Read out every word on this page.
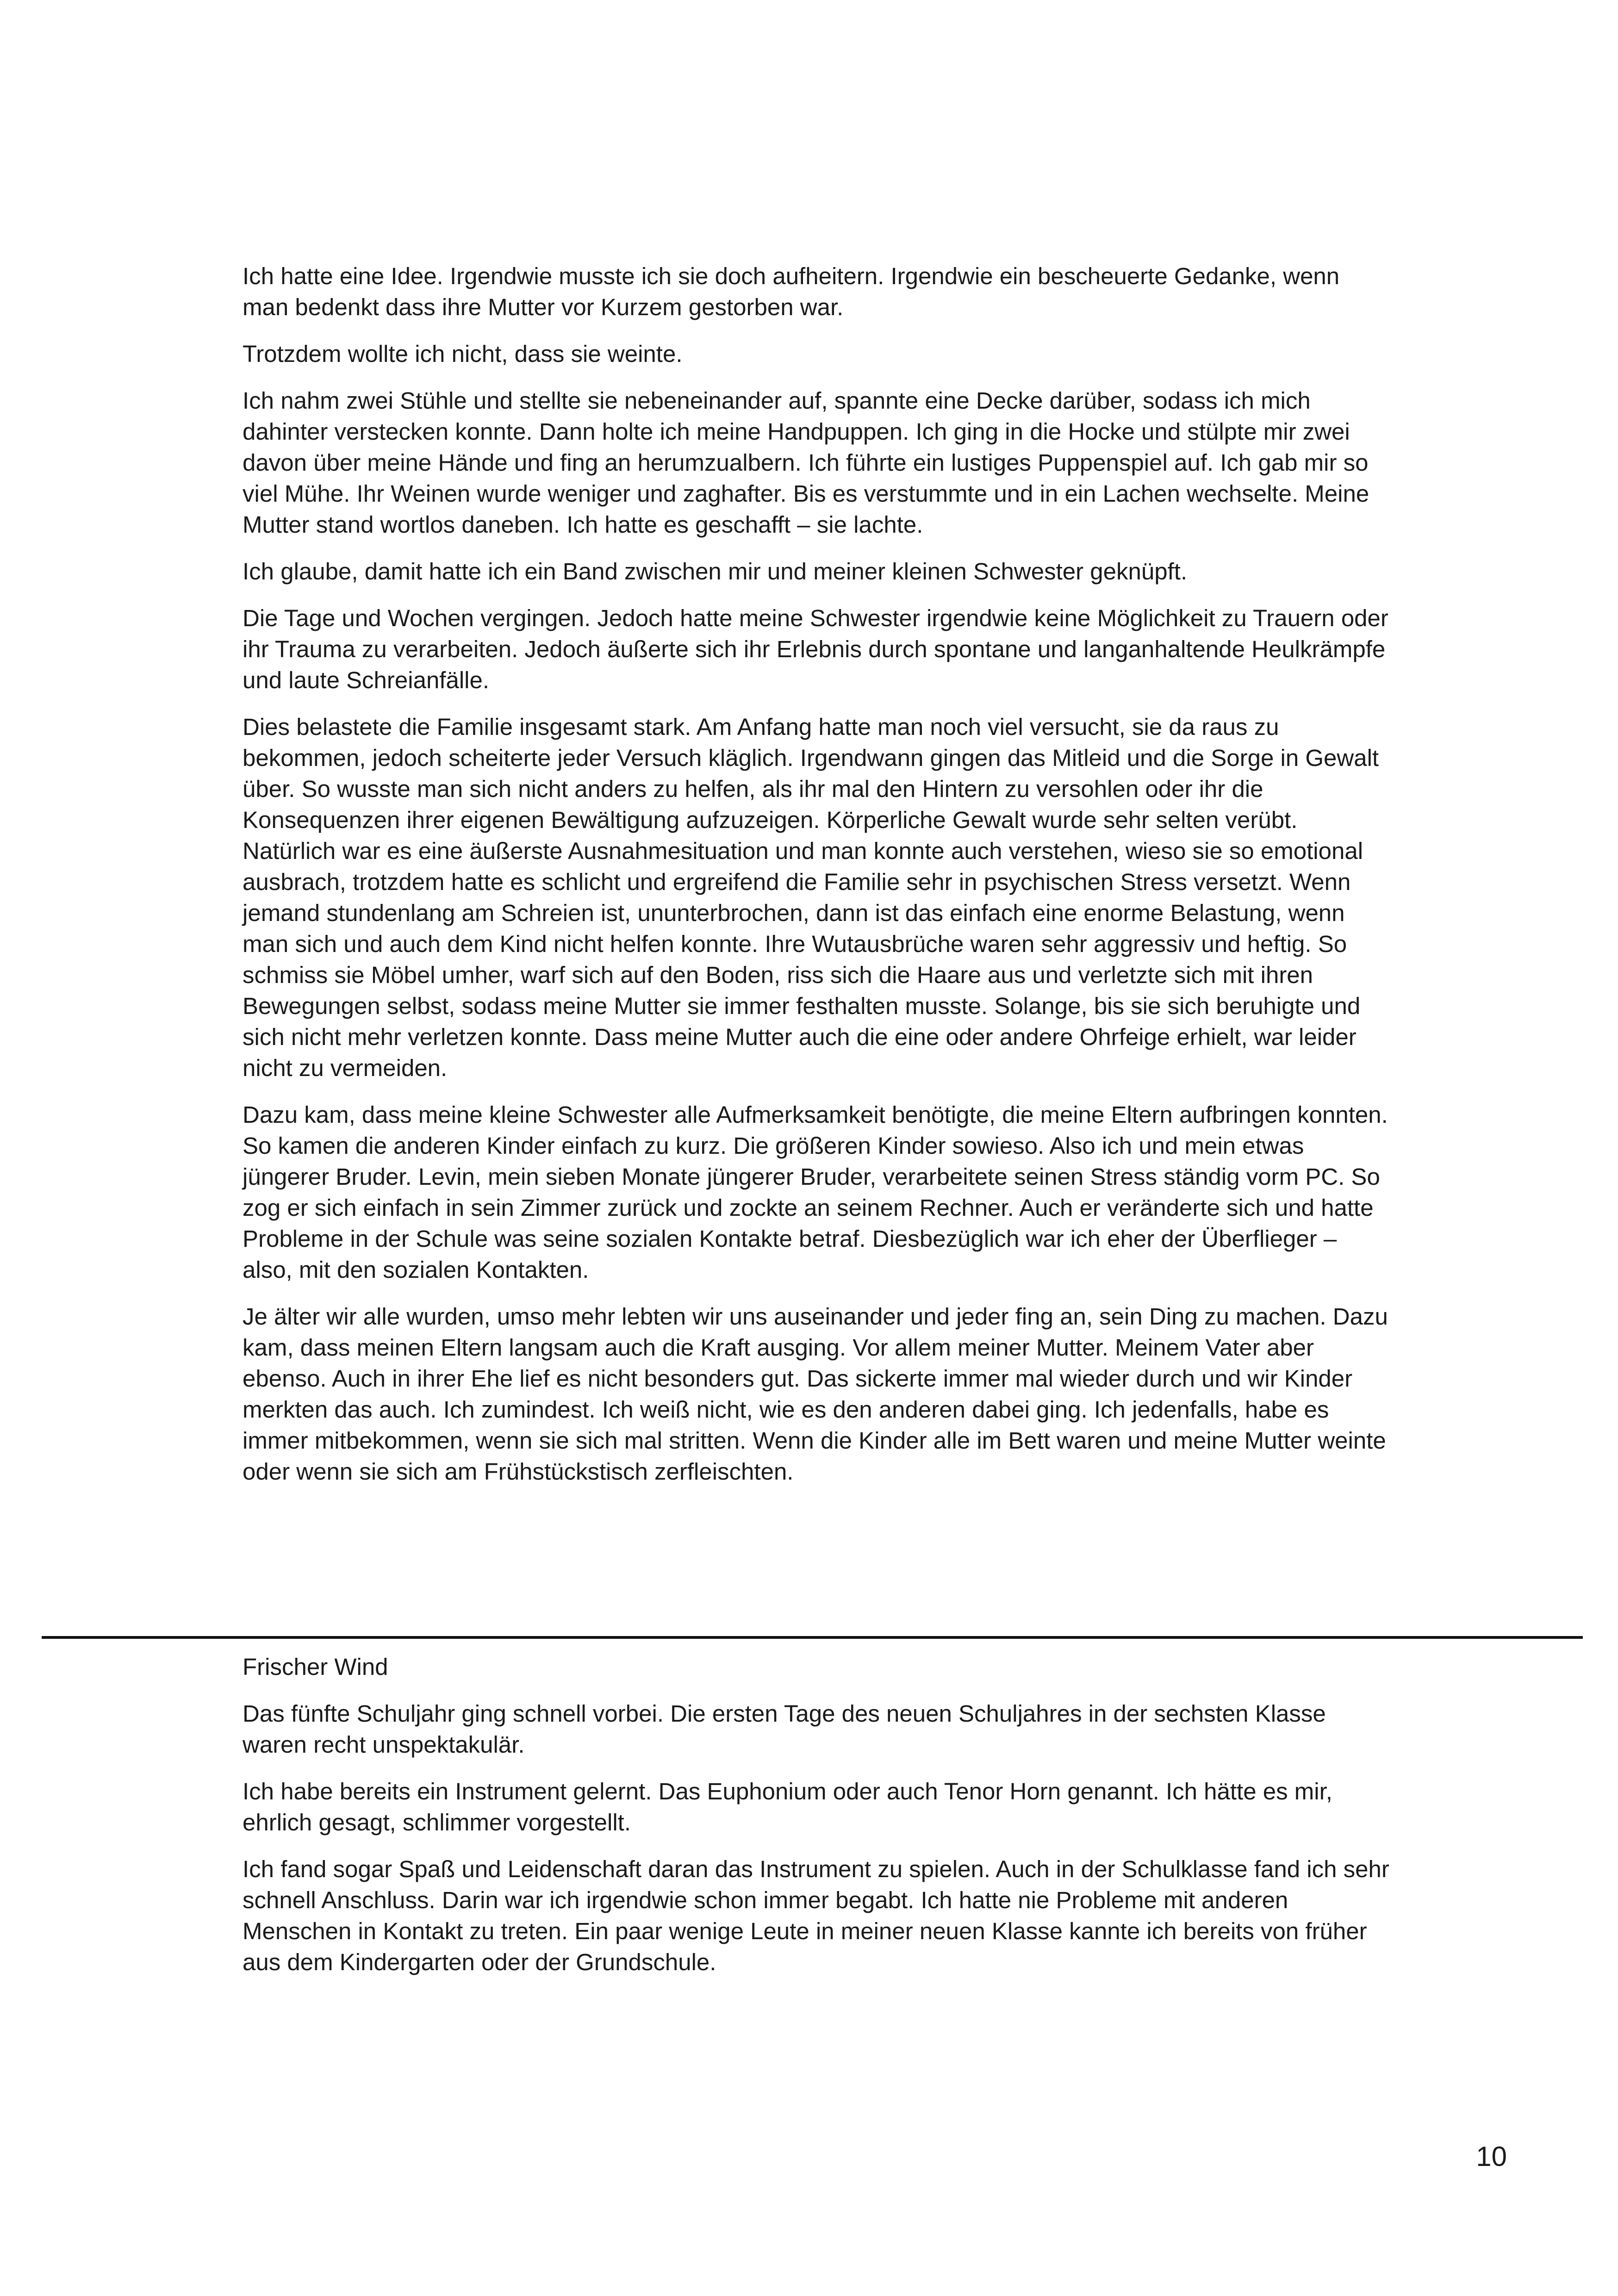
Ich hatte eine Idee. Irgendwie musste ich sie doch aufheitern. Irgendwie ein bescheuerte Gedanke, wenn man bedenkt dass ihre Mutter vor Kurzem gestorben war.

Trotzdem wollte ich nicht, dass sie weinte.

Ich nahm zwei Stühle und stellte sie nebeneinander auf, spannte eine Decke darüber, sodass ich mich dahinter verstecken konnte. Dann holte ich meine Handpuppen. Ich ging in die Hocke und stülpte mir zwei davon über meine Hände und fing an herumzualbern. Ich führte ein lustiges Puppenspiel auf. Ich gab mir so viel Mühe. Ihr Weinen wurde weniger und zaghafter. Bis es verstummte und in ein Lachen wechselte. Meine Mutter stand wortlos daneben. Ich hatte es geschafft – sie lachte.

Ich glaube, damit hatte ich ein Band zwischen mir und meiner kleinen Schwester geknüpft.

Die Tage und Wochen vergingen. Jedoch hatte meine Schwester irgendwie keine Möglichkeit zu Trauern oder ihr Trauma zu verarbeiten. Jedoch äußerte sich ihr Erlebnis durch spontane und langanhaltende Heulkrämpfe und laute Schreianfälle.

Dies belastete die Familie insgesamt stark. Am Anfang hatte man noch viel versucht, sie da raus zu bekommen, jedoch scheiterte jeder Versuch kläglich. Irgendwann gingen das Mitleid und die Sorge in Gewalt über. So wusste man sich nicht anders zu helfen, als ihr mal den Hintern zu versohlen oder ihr die Konsequenzen ihrer eigenen Bewältigung aufzuzeigen. Körperliche Gewalt wurde sehr selten verübt. Natürlich war es eine äußerste Ausnahmesituation und man konnte auch verstehen, wieso sie so emotional ausbrach, trotzdem hatte es schlicht und ergreifend die Familie sehr in psychischen Stress versetzt. Wenn jemand stundenlang am Schreien ist, ununterbrochen, dann ist das einfach eine enorme Belastung, wenn man sich und auch dem Kind nicht helfen konnte. Ihre Wutausbrüche waren sehr aggressiv und heftig. So schmiss sie Möbel umher, warf sich auf den Boden, riss sich die Haare aus und verletzte sich mit ihren Bewegungen selbst, sodass meine Mutter sie immer festhalten musste. Solange, bis sie sich beruhigte und sich nicht mehr verletzen konnte. Dass meine Mutter auch die eine oder andere Ohrfeige erhielt, war leider nicht zu vermeiden.

Dazu kam, dass meine kleine Schwester alle Aufmerksamkeit benötigte, die meine Eltern aufbringen konnten. So kamen die anderen Kinder einfach zu kurz. Die größeren Kinder sowieso. Also ich und mein etwas jüngerer Bruder. Levin, mein sieben Monate jüngerer Bruder, verarbeitete seinen Stress ständig vorm PC. So zog er sich einfach in sein Zimmer zurück und zockte an seinem Rechner. Auch er veränderte sich und hatte Probleme in der Schule was seine sozialen Kontakte betraf. Diesbezüglich war ich eher der Überflieger – also, mit den sozialen Kontakten.

Je älter wir alle wurden, umso mehr lebten wir uns auseinander und jeder fing an, sein Ding zu machen. Dazu kam, dass meinen Eltern langsam auch die Kraft ausging. Vor allem meiner Mutter. Meinem Vater aber ebenso. Auch in ihrer Ehe lief es nicht besonders gut. Das sickerte immer mal wieder durch und wir Kinder merkten das auch. Ich zumindest. Ich weiß nicht, wie es den anderen dabei ging. Ich jedenfalls, habe es immer mitbekommen, wenn sie sich mal stritten. Wenn die Kinder alle im Bett waren und meine Mutter weinte oder wenn sie sich am Frühstückstisch zerfleischten.

Frischer Wind

Das fünfte Schuljahr ging schnell vorbei. Die ersten Tage des neuen Schuljahres in der sechsten Klasse waren recht unspektakulär.

Ich habe bereits ein Instrument gelernt. Das Euphonium oder auch Tenor Horn genannt. Ich hätte es mir, ehrlich gesagt, schlimmer vorgestellt.

Ich fand sogar Spaß und Leidenschaft daran das Instrument zu spielen. Auch in der Schulklasse fand ich sehr schnell Anschluss. Darin war ich irgendwie schon immer begabt. Ich hatte nie Probleme mit anderen Menschen in Kontakt zu treten. Ein paar wenige Leute in meiner neuen Klasse kannte ich bereits von früher aus dem Kindergarten oder der Grundschule.

10
